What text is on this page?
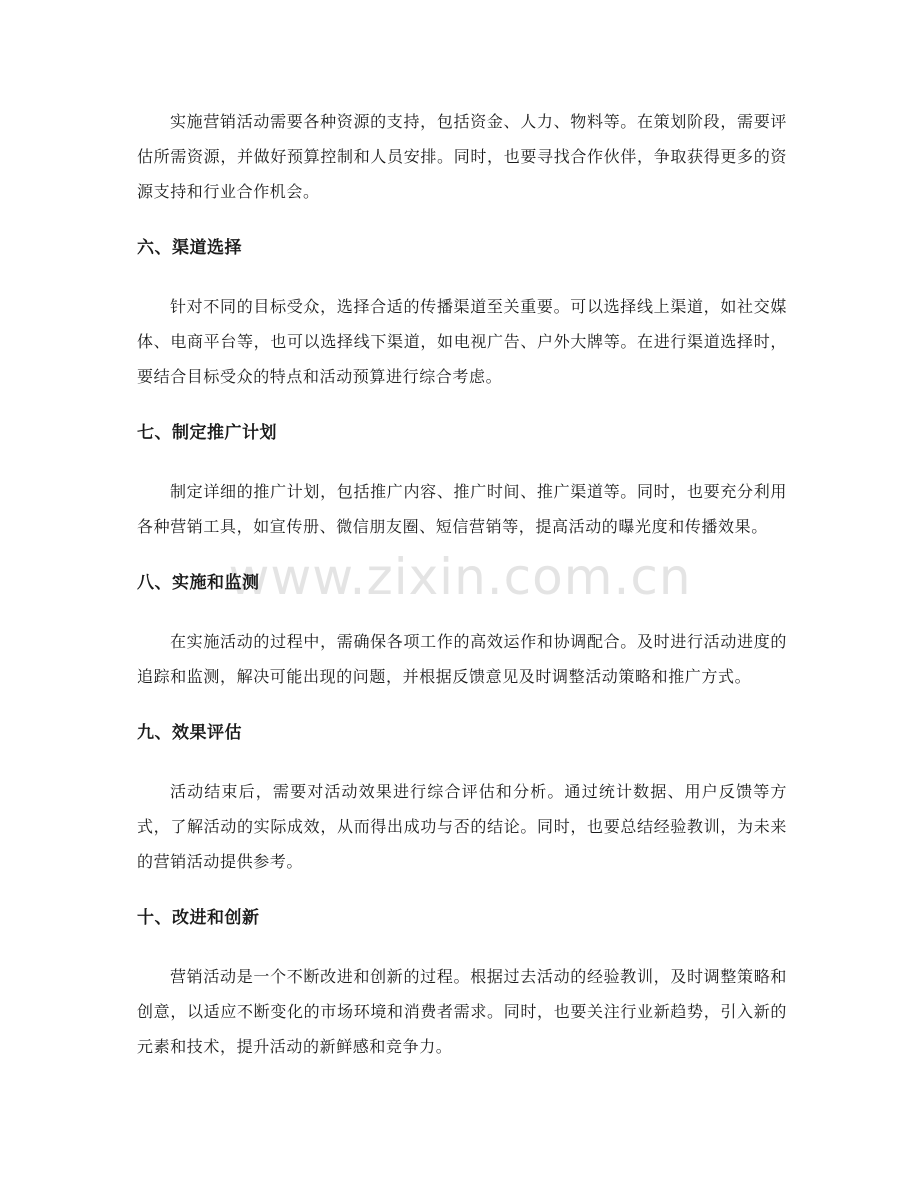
www.zixin.com.cn

实施营销活动需要各种资源的支持，包括资金、人力、物料等。在策划阶段，需要评估所需资源，并做好预算控制和人员安排。同时，也要寻找合作伙伴，争取获得更多的资源支持和行业合作机会。

六、渠道选择

针对不同的目标受众，选择合适的传播渠道至关重要。可以选择线上渠道，如社交媒体、电商平台等，也可以选择线下渠道，如电视广告、户外大牌等。在进行渠道选择时，要结合目标受众的特点和活动预算进行综合考虑。

七、制定推广计划

制定详细的推广计划，包括推广内容、推广时间、推广渠道等。同时，也要充分利用各种营销工具，如宣传册、微信朋友圈、短信营销等，提高活动的曝光度和传播效果。

八、实施和监测

在实施活动的过程中，需确保各项工作的高效运作和协调配合。及时进行活动进度的追踪和监测，解决可能出现的问题，并根据反馈意见及时调整活动策略和推广方式。

九、效果评估

活动结束后，需要对活动效果进行综合评估和分析。通过统计数据、用户反馈等方式，了解活动的实际成效，从而得出成功与否的结论。同时，也要总结经验教训，为未来的营销活动提供参考。

十、改进和创新

营销活动是一个不断改进和创新的过程。根据过去活动的经验教训，及时调整策略和创意，以适应不断变化的市场环境和消费者需求。同时，也要关注行业新趋势，引入新的元素和技术，提升活动的新鲜感和竞争力。
